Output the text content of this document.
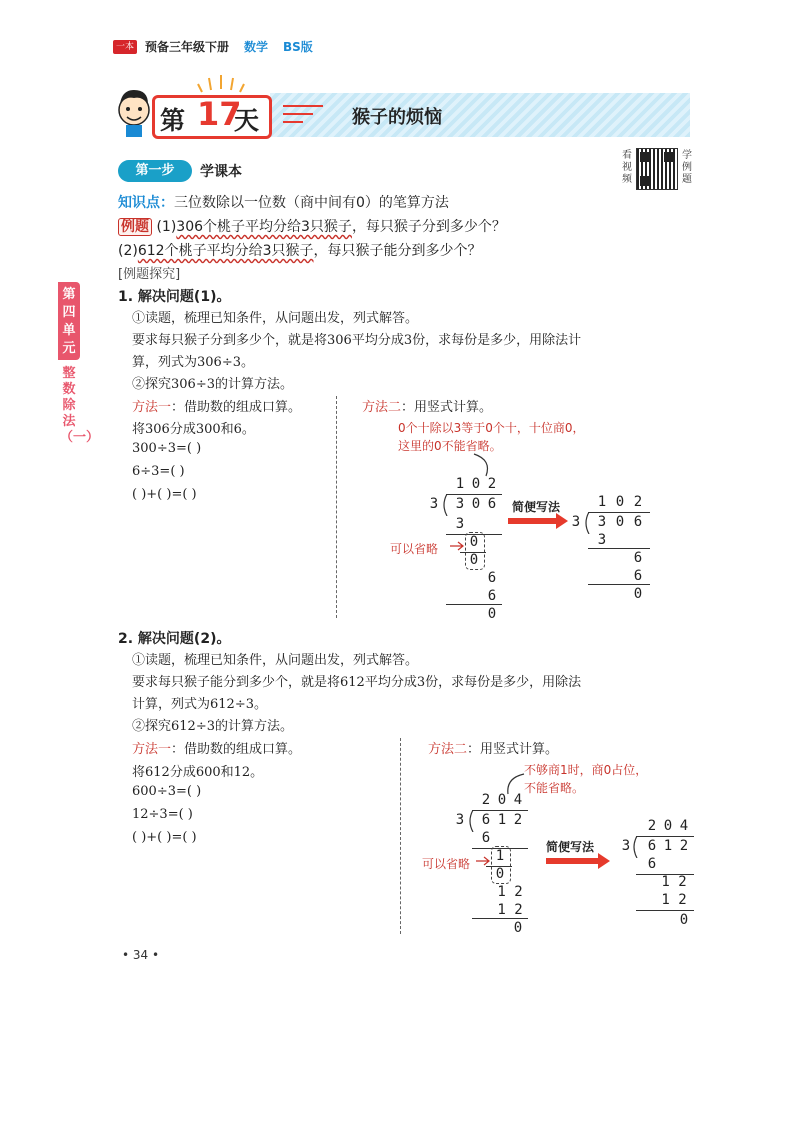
一本 预备三年级下册 数学 BS版
第 17
天	猴子的烦恼
第一步	学课本
看视频
学例题
第四单元
整数除法（一）
知识点：三位数除以一位数（商中间有0）的笔算方法
例题 (1)306个桃子平均分给3只猴子，每只猴子分到多少个？
(2)612个桃子平均分给3只猴子，每只猴子能分到多少个？
[例题探究]
1. 解决问题(1)。
①读题，梳理已知条件，从问题出发，列式解答。
要求每只猴子分到多少个，就是将306平均分成3份，求每份是多少，用除法计
算，列式为306÷3。
②探究306÷3的计算方法。
方法一：借助数的组成口算。
将306分成300和6。
300÷3=( )
6÷3=( )
( )+( )=( )
方法二：用竖式计算。
0个十除以3等于0个十，十位商0，
这里的0不能省略。
1 0 2
3 3 0 6
3
0
0
可以省略
6
6
0
简便写法	1 0 2
3 3 0 6
3
6
6
0
2. 解决问题(2)。
①读题，梳理已知条件，从问题出发，列式解答。
要求每只猴子能分到多少个，就是将612平均分成3份，求每份是多少，用除法
计算，列式为612÷3。
②探究612÷3的计算方法。
方法一：借助数的组成口算。
将612分成600和12。
600÷3=( )
12÷3=( )
( )+( )=( )
方法二：用竖式计算。
不够商1时，商0占位，
不能省略。
2 0 4
3 6 1 2
6
1
0
可以省略
1 2
1 2
0
简便写法
2 0 4
3 6 1 2
6
1 2
1 2
0
• 34 •
